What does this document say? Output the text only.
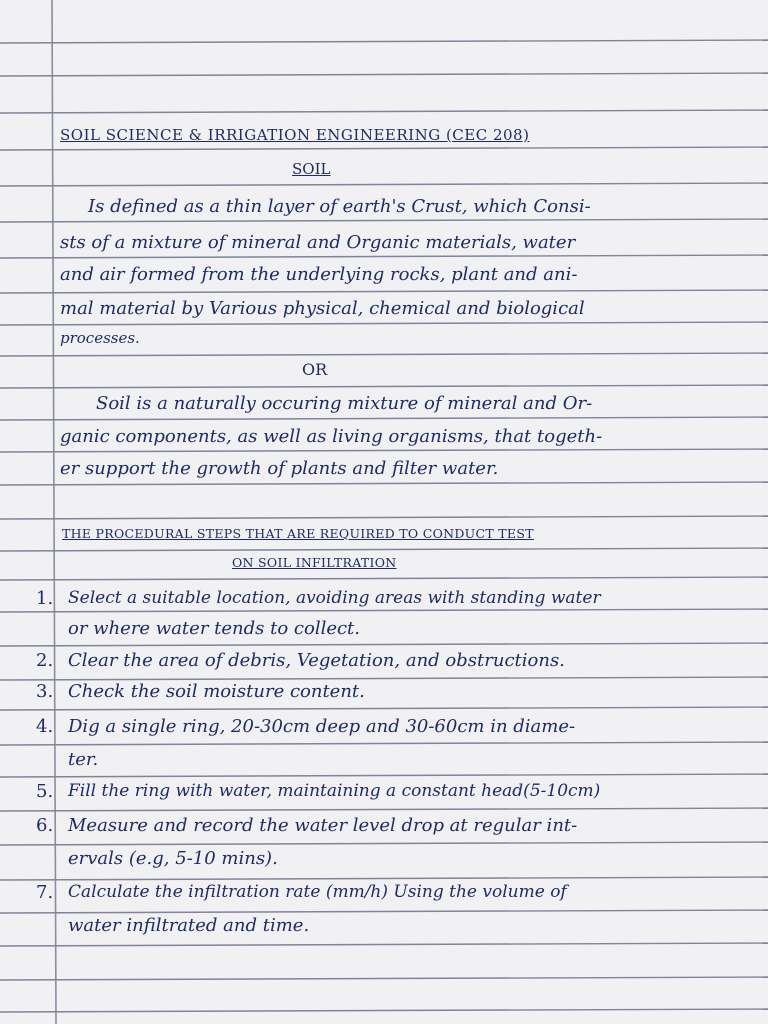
SOIL SCIENCE & IRRIGATION ENGINEERING (CEC 208)
SOIL
Is defined as a thin layer of earth's Crust, which Consi-
sts of a mixture of mineral and Organic materials, water
and air formed from the underlying rocks, plant and ani-
mal material by Various physical, chemical and biological
processes.
OR
Soil is a naturally occuring mixture of mineral and Or-
ganic components, as well as living organisms, that togeth-
er support the growth of plants and filter water.
THE PROCEDURAL STEPS THAT ARE REQUIRED TO CONDUCT TEST
ON SOIL INFILTRATION
1. Select a suitable location, avoiding areas with standing water
or where water tends to collect.
2. Clear the area of debris, Vegetation, and obstructions.
3. Check the soil moisture content.
4. Dig a single ring, 20-30cm deep and 30-60cm in diame-
ter.
5. Fill the ring with water, maintaining a constant head(5-10cm)
6. Measure and record the water level drop at regular int-
ervals (e.g, 5-10 mins).
7. Calculate the infiltration rate (mm/h) Using the volume of
water infiltrated and time.
